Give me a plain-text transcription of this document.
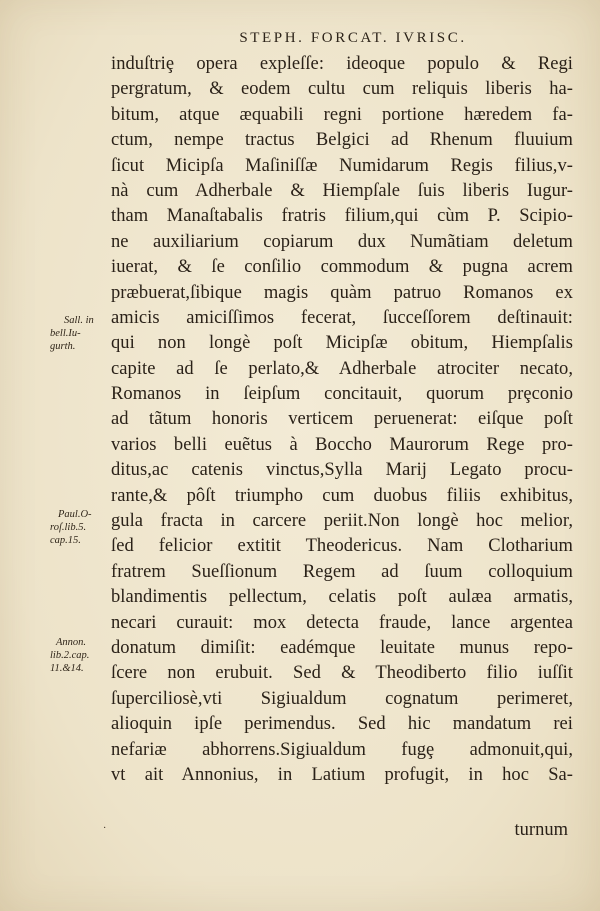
STEPH. FORCAT. IVRISC.
induſtriȩ opera expleſſe: ideoque populo & Regi
pergratum, & eodem cultu cum reliquis liberis ha-
bitum, atque æquabili regni portione hæredem fa-
ctum, nempe tractus Belgici ad Rhenum fluuium
ſicut Micipſa Maſiniſſæ Numidarum Regis filius,v-
nà cum Adherbale & Hiempſale ſuis liberis Iugur-
tham Manaſtabalis fratris filium,qui cùm P. Scipio-
ne auxiliarium copiarum dux Numãtiam deletum
iuerat, & ſe conſilio commodum & pugna acrem
præbuerat,ſibique magis quàm patruo Romanos ex
amicis amiciſſimos fecerat, ſucceſſorem deſtinauit:
qui non longè poſt Micipſæ obitum, Hiempſalis
capite ad ſe perlato,& Adherbale atrociter necato,
Romanos in ſeipſum concitauit, quorum prȩconio
ad tãtum honoris verticem peruenerat: eiſque poſt
varios belli euẽtus à Boccho Maurorum Rege pro-
ditus,ac catenis vinctus,Sylla Marij Legato procu-
rante,& pôſt triumpho cum duobus filiis exhibitus,
gula fracta in carcere periit.Non longè hoc melior,
ſed felicior extitit Theodericus. Nam Clotharium
fratrem Sueſſionum Regem ad ſuum colloquium
blandimentis pellectum, celatis poſt aulæa armatis,
necari curauit: mox detecta fraude, lance argentea
donatum dimiſit: eadémque leuitate munus repo-
ſcere non erubuit. Sed & Theodiberto filio iuſſit
ſuperciliosè,vti Sigiualdum cognatum perimeret,
alioquin ipſe perimendus. Sed hic mandatum rei
nefariæ abhorrens.Sigiualdum fugȩ admonuit,qui,
vt ait Annonius, in Latium profugit, in hoc Sa-
turnum
Sall. in
bell.Iu-
gurth.
Paul.O-
roſ.lib.5.
cap.15.
Annon.
lib.2.cap.
11.&14.
·
